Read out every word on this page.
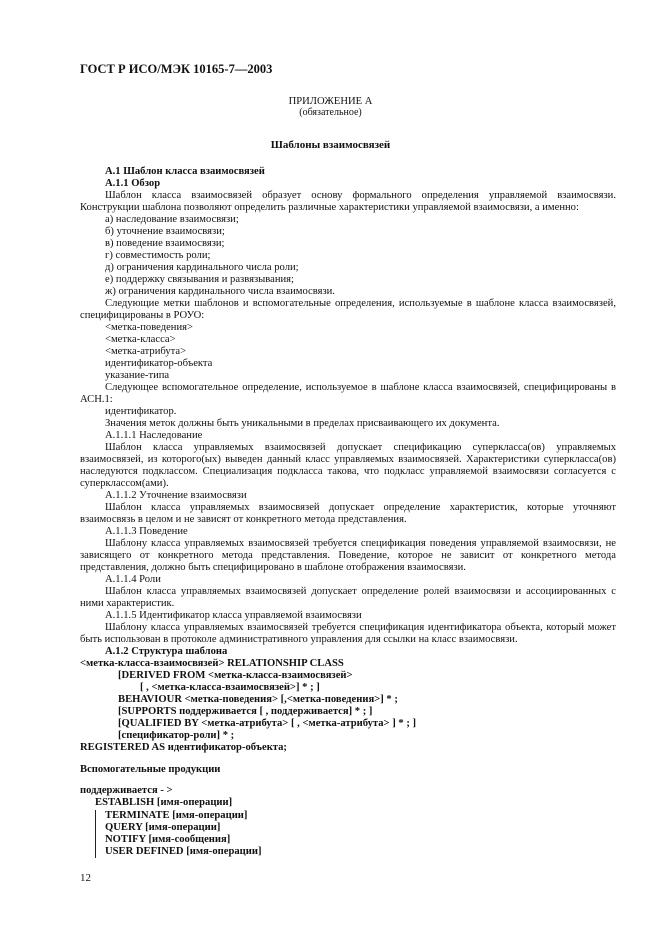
ГОСТ Р ИСО/МЭК 10165-7—2003
ПРИЛОЖЕНИЕ А
(обязательное)
Шаблоны взаимосвязей
А.1 Шаблон класса взаимосвязей
А.1.1 Обзор
Шаблон класса взаимосвязей образует основу формального определения управляемой взаимосвязи. Конструкции шаблона позволяют определить различные характеристики управляемой взаимосвязи, а именно:
а) наследование взаимосвязи;
б) уточнение взаимосвязи;
в) поведение взаимосвязи;
г) совместимость роли;
д) ограничения кардинального числа роли;
е) поддержку связывания и развязывания;
ж) ограничения кардинального числа взаимосвязи.
Следующие метки шаблонов и вспомогательные определения, используемые в шаблоне класса взаимосвязей, специфицированы в РОУО:
<метка-поведения>
<метка-класса>
<метка-атрибута>
идентификатор-объекта
указание-типа
Следующее вспомогательное определение, используемое в шаблоне класса взаимосвязей, специфицированы в АСН.1:
идентификатор.
Значения меток должны быть уникальными в пределах присваивающего их документа.
А.1.1.1 Наследование
Шаблон класса управляемых взаимосвязей допускает спецификацию суперкласса(ов) управляемых взаимосвязей, из которого(ых) выведен данный класс управляемых взаимосвязей. Характеристики суперкласса(ов) наследуются подклассом. Специализация подкласса такова, что подкласс управляемой взаимосвязи согласуется с суперклассом(ами).
А.1.1.2 Уточнение взаимосвязи
Шаблон класса управляемых взаимосвязей допускает определение характеристик, которые уточняют взаимосвязь в целом и не зависят от конкретного метода представления.
А.1.1.3 Поведение
Шаблону класса управляемых взаимосвязей требуется спецификация поведения управляемой взаимосвязи, не зависящего от конкретного метода представления. Поведение, которое не зависит от конкретного метода представления, должно быть специфицировано в шаблоне отображения взаимосвязи.
А.1.1.4 Роли
Шаблон класса управляемых взаимосвязей допускает определение ролей взаимосвязи и ассоциированных с ними характеристик.
А.1.1.5 Идентификатор класса управляемой взаимосвязи
Шаблону класса управляемых взаимосвязей требуется спецификация идентификатора объекта, который может быть использован в протоколе административного управления для ссылки на класс взаимосвязи.
А.1.2 Структура шаблона
<метка-класса-взаимосвязей> RELATIONSHIP CLASS
[DERIVED FROM <метка-класса-взаимосвязей>
[ , <метка-класса-взаимосвязей>] * ; ]
BEHAVIOUR <метка-поведения> [,<метка-поведения>] * ;
[SUPPORTS поддерживается [ , поддерживается] * ; ]
[QUALIFIED BY <метка-атрибута> [ , <метка-атрибута> ] * ; ]
[спецификатор-роли] * ;
REGISTERED AS идентификатор-объекта;
Вспомогательные продукции
поддерживается - >
ESTABLISH [имя-операции]
TERMINATE [имя-операции]
QUERY [имя-операции]
NOTIFY [имя-сообщения]
USER DEFINED [имя-операции]
12
